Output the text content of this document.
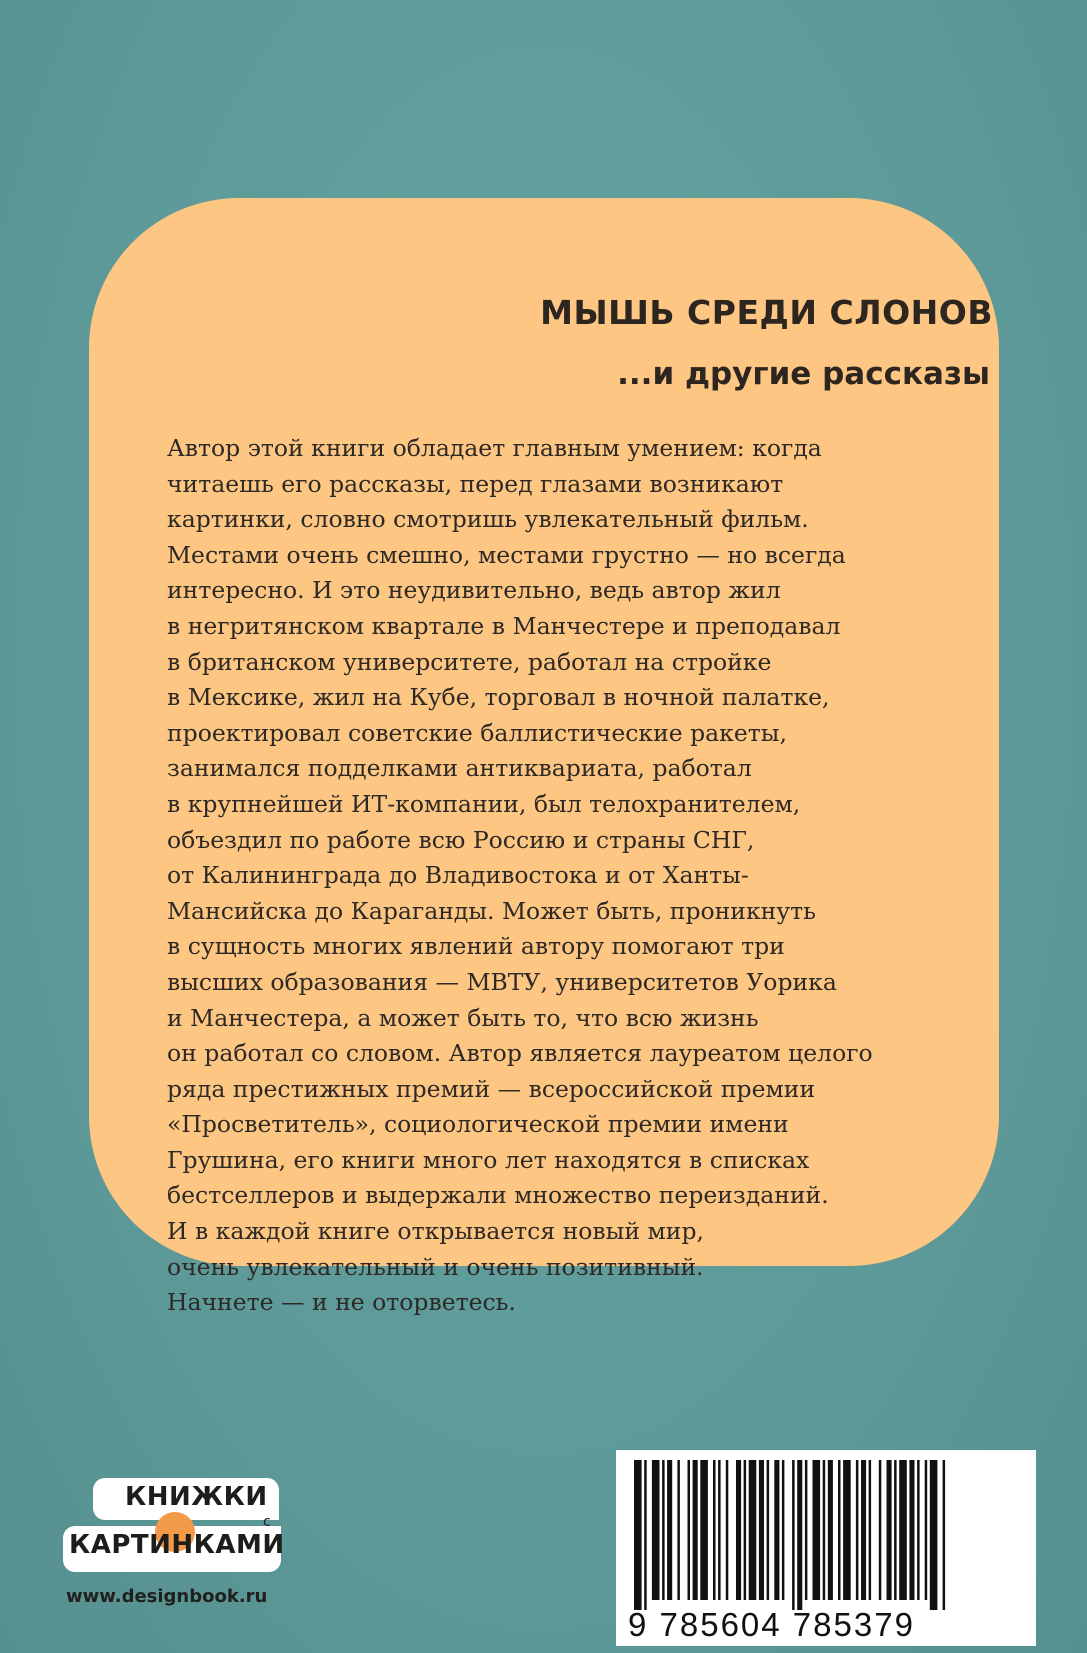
МЫШЬ СРЕДИ СЛОНОВ
...и другие рассказы
Автор этой книги обладает главным умением: когда
читаешь его рассказы, перед глазами возникают
картинки, словно смотришь увлекательный фильм.
Местами очень смешно, местами грустно — но всегда
интересно. И это неудивительно, ведь автор жил
в негритянском квартале в Манчестере и преподавал
в британском университете, работал на стройке
в Мексике, жил на Кубе, торговал в ночной палатке,
проектировал советские баллистические ракеты,
занимался подделками антиквариата, работал
в крупнейшей ИТ-компании, был телохранителем,
объездил по работе всю Россию и страны СНГ,
от Калининграда до Владивостока и от Ханты-
Мансийска до Караганды. Может быть, проникнуть
в сущность многих явлений автору помогают три
высших образования — МВТУ, университетов Уорика
и Манчестера, а может быть то, что всю жизнь
он работал со словом. Автор является лауреатом целого
ряда престижных премий — всероссийской премии
«Просветитель», социологической премии имени
Грушина, его книги много лет находятся в списках
бестселлеров и выдержали множество переизданий.
И в каждой книге открывается новый мир,
очень увлекательный и очень позитивный.
Начнете — и не оторветесь.
КНИЖКИ
с
КАРТИНКАМИ
www.designbook.ru
9 785604 785379
